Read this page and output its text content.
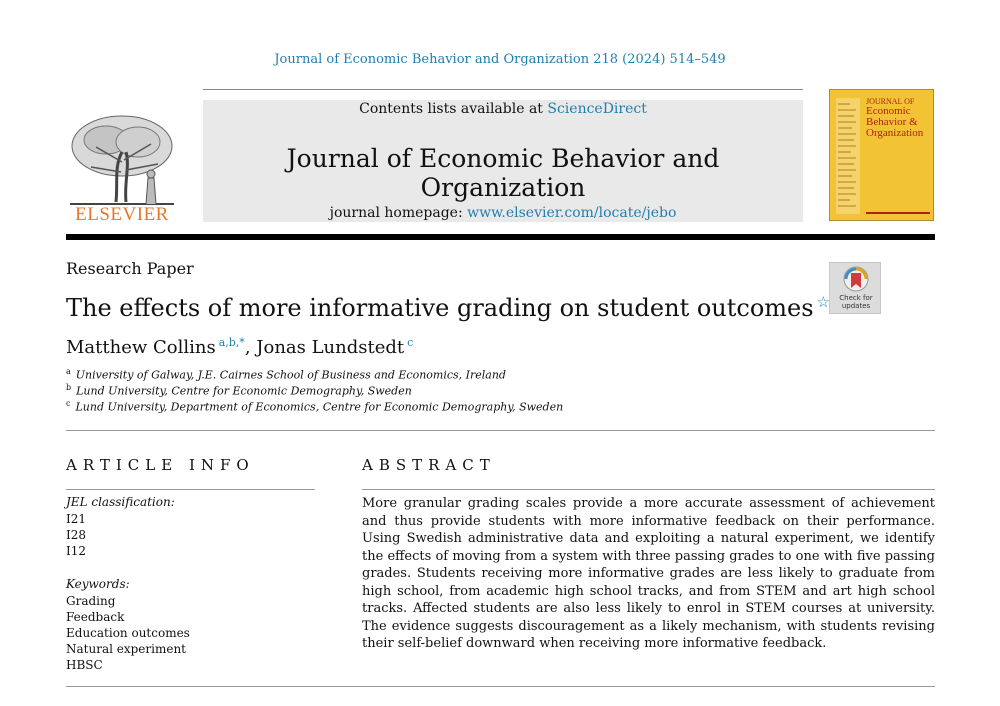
Journal of Economic Behavior and Organization 218 (2024) 514–549
ELSEVIER
Contents lists available at ScienceDirect
Journal of Economic Behavior and Organization
journal homepage: www.elsevier.com/locate/jebo
JOURNAL OF
Economic
Behavior &
Organization
Research Paper
Check for
updates
The effects of more informative grading on student outcomes ☆
Matthew Collins $^{a,b,*}$, Jonas Lundstedt $^c$
$^a$ University of Galway, J.E. Cairnes School of Business and Economics, Ireland
$^b$ Lund University, Centre for Economic Demography, Sweden
$^c$ Lund University, Department of Economics, Centre for Economic Demography, Sweden
ARTICLE INFO
JEL classification:
I21
I28
I12
Keywords:
Grading
Feedback
Education outcomes
Natural experiment
HBSC
ABSTRACT
More granular grading scales provide a more accurate assessment of achievement and thus provide students with more informative feedback on their performance. Using Swedish administrative data and exploiting a natural experiment, we identify the effects of moving from a system with three passing grades to one with five passing grades. Students receiving more informative grades are less likely to graduate from high school, from academic high school tracks, and from STEM and art high school tracks. Affected students are also less likely to enrol in STEM courses at university. The evidence suggests discouragement as a likely mechanism, with students revising their self-belief downward when receiving more informative feedback.
